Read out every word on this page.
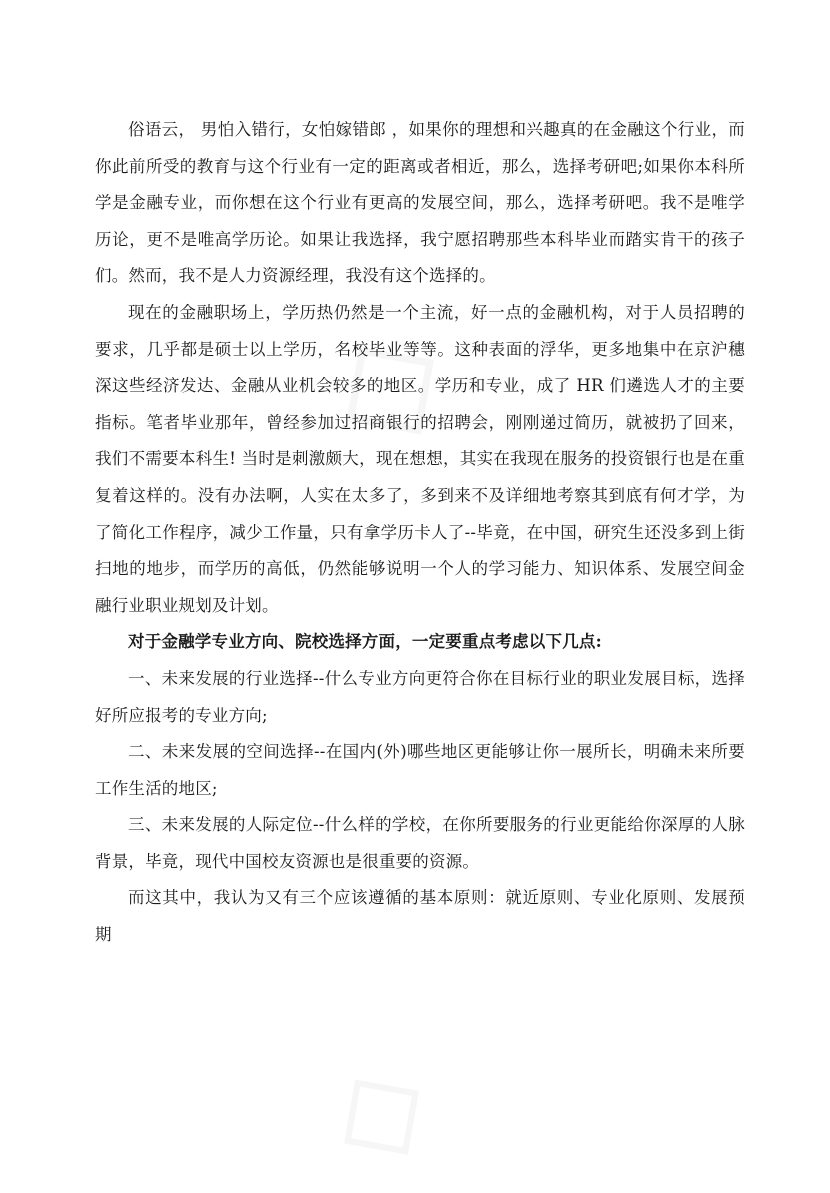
俗语云， 男怕入错行，女怕嫁错郎 ，如果你的理想和兴趣真的在金融这个行业，而你此前所受的教育与这个行业有一定的距离或者相近，那么，选择考研吧;如果你本科所学是金融专业，而你想在这个行业有更高的发展空间，那么，选择考研吧。我不是唯学历论，更不是唯高学历论。如果让我选择，我宁愿招聘那些本科毕业而踏实肯干的孩子们。然而，我不是人力资源经理，我没有这个选择的。

现在的金融职场上，学历热仍然是一个主流，好一点的金融机构，对于人员招聘的要求，几乎都是硕士以上学历，名校毕业等等。这种表面的浮华，更多地集中在京沪穗深这些经济发达、金融从业机会较多的地区。学历和专业，成了 HR 们遴选人才的主要指标。笔者毕业那年，曾经参加过招商银行的招聘会，刚刚递过简历，就被扔了回来， 我们不需要本科生! 当时是刺激颇大，现在想想，其实在我现在服务的投资银行也是在重复着这样的。没有办法啊，人实在太多了，多到来不及详细地考察其到底有何才学，为了简化工作程序，减少工作量，只有拿学历卡人了--毕竟，在中国，研究生还没多到上街扫地的地步，而学历的高低，仍然能够说明一个人的学习能力、知识体系、发展空间金融行业职业规划及计划。

对于金融学专业方向、院校选择方面，一定要重点考虑以下几点:

一、未来发展的行业选择--什么专业方向更符合你在目标行业的职业发展目标，选择好所应报考的专业方向;

二、未来发展的空间选择--在国内(外)哪些地区更能够让你一展所长，明确未来所要工作生活的地区;

三、未来发展的人际定位--什么样的学校，在你所要服务的行业更能给你深厚的人脉背景，毕竟，现代中国校友资源也是很重要的资源。

而这其中，我认为又有三个应该遵循的基本原则：就近原则、专业化原则、发展预期
